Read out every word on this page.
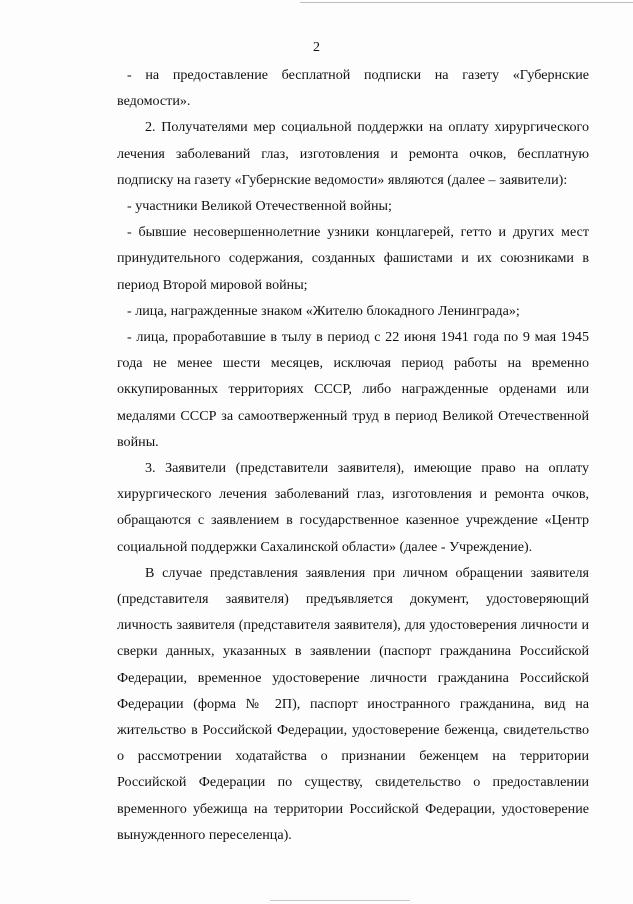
2

- на предоставление бесплатной подписки на газету «Губернские ведомости».

2. Получателями мер социальной поддержки на оплату хирургического лечения заболеваний глаз, изготовления и ремонта очков, бесплатную подписку на газету «Губернские ведомости» являются (далее – заявители):

- участники Великой Отечественной войны;

- бывшие несовершеннолетние узники концлагерей, гетто и других мест принудительного содержания, созданных фашистами и их союзниками в период Второй мировой войны;

- лица, награжденные знаком «Жителю блокадного Ленинграда»;

- лица, проработавшие в тылу в период с 22 июня 1941 года по 9 мая 1945 года не менее шести месяцев, исключая период работы на временно оккупированных территориях СССР, либо награжденные орденами или медалями СССР за самоотверженный труд в период Великой Отечественной войны.

3. Заявители (представители заявителя), имеющие право на оплату хирургического лечения заболеваний глаз, изготовления и ремонта очков, обращаются с заявлением в государственное казенное учреждение «Центр социальной поддержки Сахалинской области» (далее - Учреждение).

В случае представления заявления при личном обращении заявителя (представителя заявителя) предъявляется документ, удостоверяющий личность заявителя (представителя заявителя), для удостоверения личности и сверки данных, указанных в заявлении (паспорт гражданина Российской Федерации, временное удостоверение личности гражданина Российской Федерации (форма № 2П), паспорт иностранного гражданина, вид на жительство в Российской Федерации, удостоверение беженца, свидетельство о рассмотрении ходатайства о признании беженцем на территории Российской Федерации по существу, свидетельство о предоставлении временного убежища на территории Российской Федерации, удостоверение вынужденного переселенца).
